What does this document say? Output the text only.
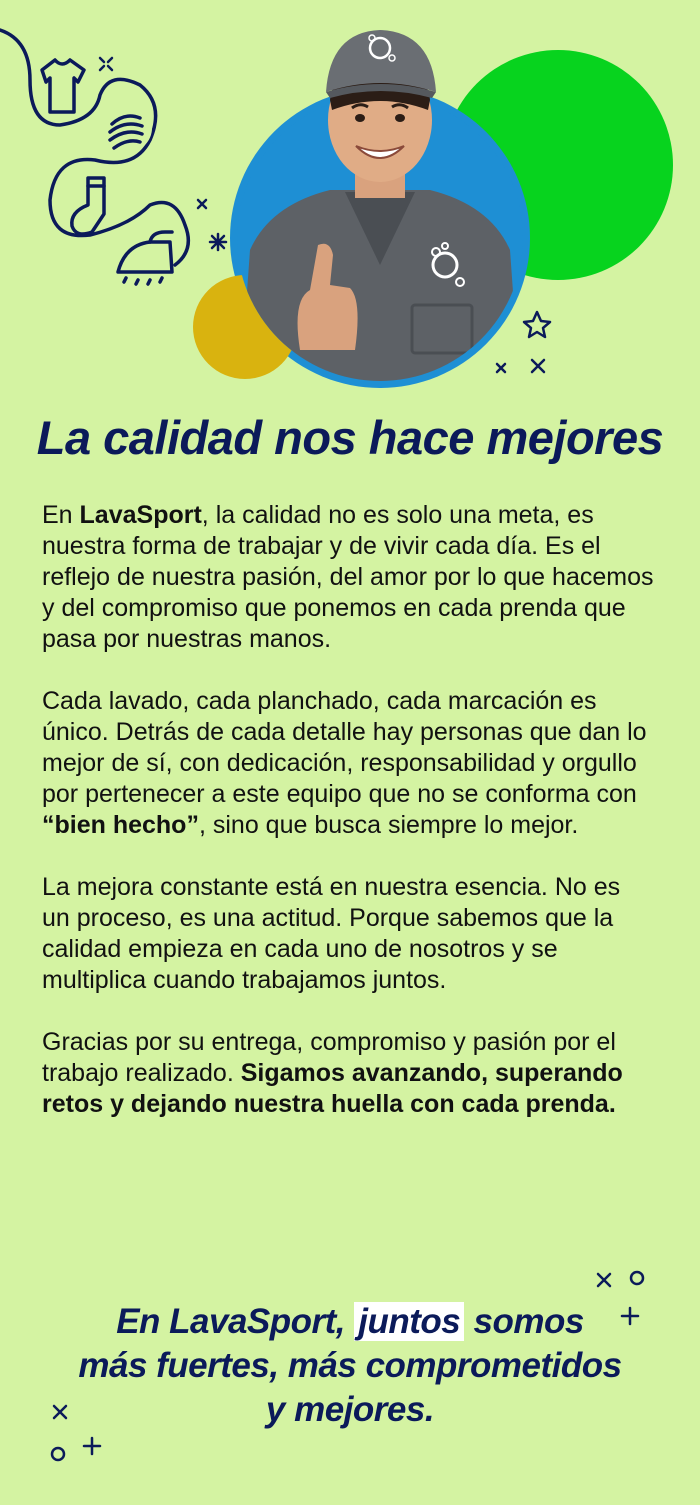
La calidad nos hace mejores

En LavaSport, la calidad no es solo una meta, es nuestra forma de trabajar y de vivir cada día. Es el reflejo de nuestra pasión, del amor por lo que hacemos y del compromiso que ponemos en cada prenda que pasa por nuestras manos.

Cada lavado, cada planchado, cada marcación es único. Detrás de cada detalle hay personas que dan lo mejor de sí, con dedicación, responsabilidad y orgullo por pertenecer a este equipo que no se conforma con “bien hecho”, sino que busca siempre lo mejor.

La mejora constante está en nuestra esencia. No es un proceso, es una actitud. Porque sabemos que la calidad empieza en cada uno de nosotros y se multiplica cuando trabajamos juntos.

Gracias por su entrega, compromiso y pasión por el trabajo realizado. Sigamos avanzando, superando retos y dejando nuestra huella con cada prenda.

En LavaSport, juntos somos
más fuertes, más comprometidos
y mejores.
